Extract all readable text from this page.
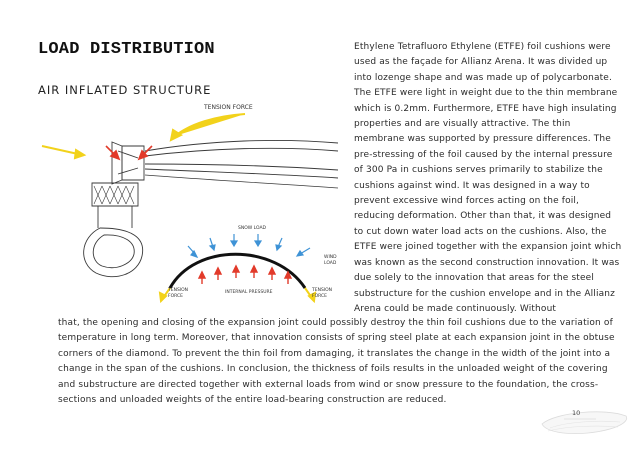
LOAD DISTRIBUTION
AIR INFLATED STRUCTURE
TENSION FORCE
SNOW LOAD
WIND
LOAD
TENSION
FORCE
INTERNAL PRESSURE	TENSION
FORCE

Ethylene Tetrafluoro Ethylene (ETFE) foil cushions were used as the façade for Allianz Arena. It was divided up into lozenge shape and was made up of polycarbonate. The ETFE were light in weight due to the thin membrane which is 0.2mm. Furthermore, ETFE have high insulating properties and are visually attractive. The thin membrane was supported by pressure differences. The pre-stressing of the foil caused by the internal pressure of 300 Pa in cushions serves primarily to stabilize the cushions against wind. It was designed in a way to prevent excessive wind forces acting on the foil, reducing deformation. Other than that, it was designed to cut down water load acts on the cushions. Also, the ETFE were joined together with the expansion joint which was known as the second construction innovation. It was due solely to the innovation that areas for the steel substructure for the cushion envelope and in the Allianz Arena could be made continuously. Without

that, the opening and closing of the expansion joint could possibly destroy the thin foil cushions due to the variation of temperature in long term. Moreover, that innovation consists of spring steel plate at each expansion joint in the obtuse corners of the diamond. To prevent the thin foil from damaging, it translates the change in the width of the joint into a change in the span of the cushions. In conclusion, the thickness of foils results in the unloaded weight of the covering and substructure are directed together with external loads from wind or snow pressure to the foundation, the cross-sections and unloaded weights of the entire load-bearing construction are reduced.

10
